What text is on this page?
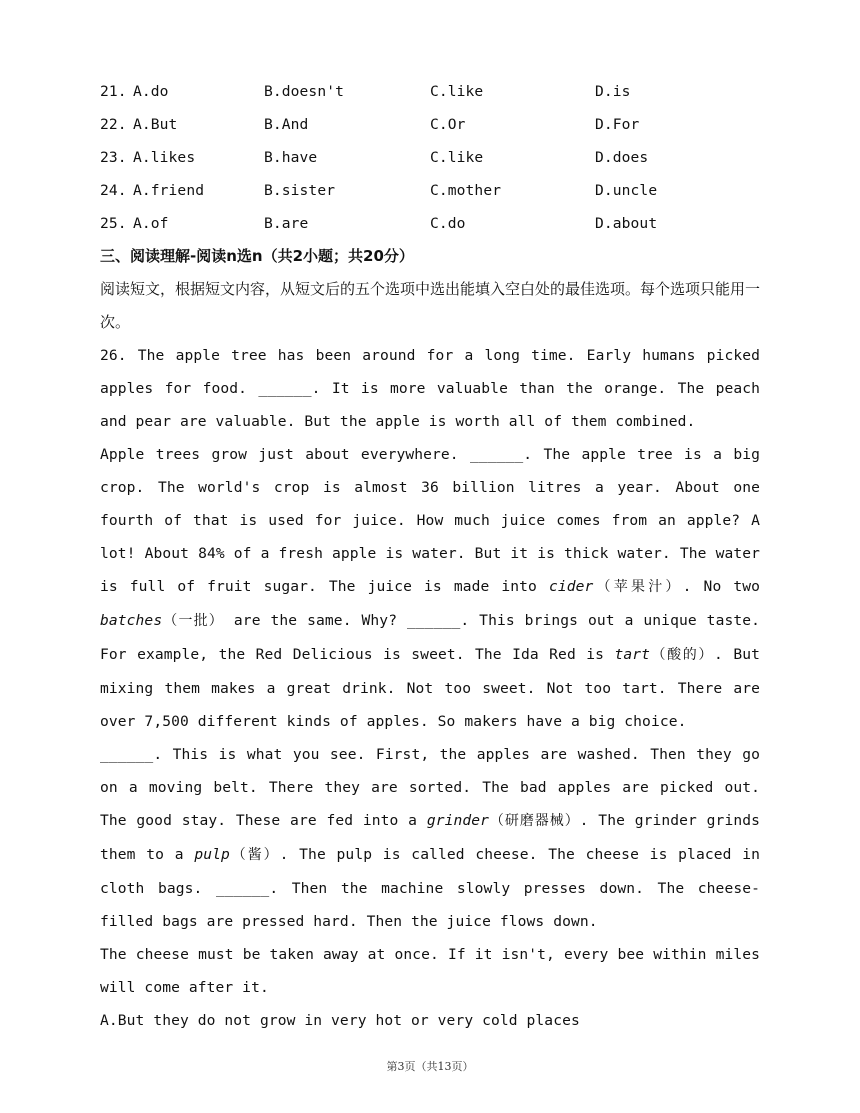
21.	A.do	B.doesn't	C.like	D.is
22.	A.But	B.And	C.Or	D.For
23.	A.likes	B.have	C.like	D.does
24.	A.friend	B.sister	C.mother	D.uncle
25.	A.of	B.are	C.do	D.about
三、阅读理解-阅读n选n（共2小题；共20分）
阅读短文，根据短文内容，从短文后的五个选项中选出能填入空白处的最佳选项。每个选项只能用一次。

26. The apple tree has been around for a long time. Early humans picked apples for food. ______. It is more valuable than the orange. The peach and pear are valuable. But the apple is worth all of them combined.

Apple trees grow just about everywhere. ______. The apple tree is a big crop. The world's crop is almost 36 billion litres a year. About one fourth of that is used for juice. How much juice comes from an apple? A lot! About 84% of a fresh apple is water. But it is thick water. The water is full of fruit sugar. The juice is made into cider（苹果汁）. No two batches（一批） are the same. Why? ______. This brings out a unique taste. For example, the Red Delicious is sweet. The Ida Red is tart（酸的）. But mixing them makes a great drink. Not too sweet. Not too tart. There are over 7,500 different kinds of apples. So makers have a big choice.

______. This is what you see. First, the apples are washed. Then they go on a moving belt. There they are sorted. The bad apples are picked out. The good stay. These are fed into a grinder（研磨器械）. The grinder grinds them to a pulp（酱）. The pulp is called cheese. The cheese is placed in cloth bags. ______. Then the machine slowly presses down. The cheese-filled bags are pressed hard. Then the juice flows down.

The cheese must be taken away at once. If it isn't, every bee within miles will come after it.

A.But they do not grow in very hot or very cold places

第3页（共13页）
